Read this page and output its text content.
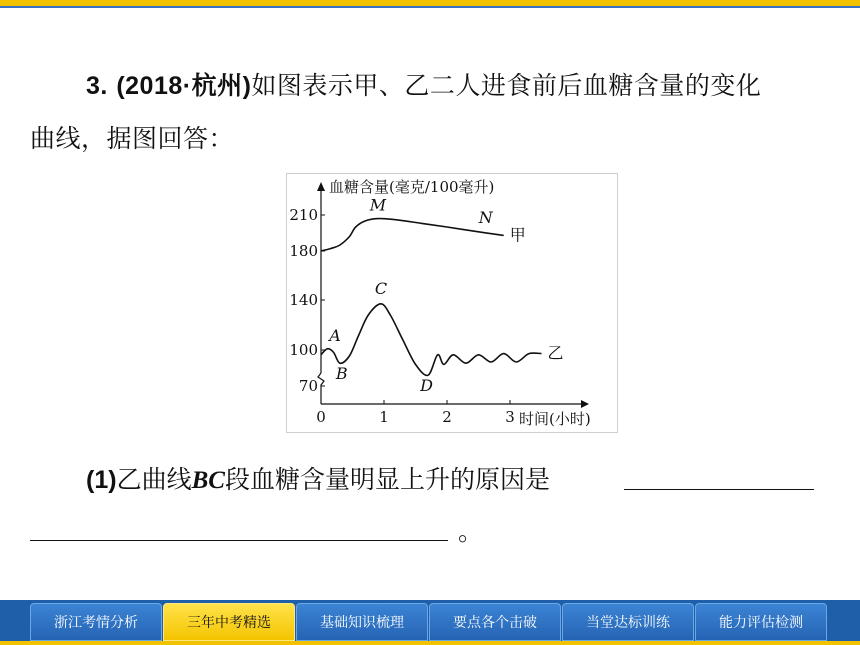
3. (2018·杭州)如图表示甲、乙二人进食前后血糖含量的变化
曲线，据图回答：
70
100
140
180
210
0	1	2	3
血糖含量(毫克/100毫升)
时间(小时)
甲
乙
M
N
A
B
C
D
(1)乙曲线BC段血糖含量明显上升的原因是
。
浙江考情分析	三年中考精选	基础知识梳理	要点各个击破	当堂达标训练	能力评估检测
